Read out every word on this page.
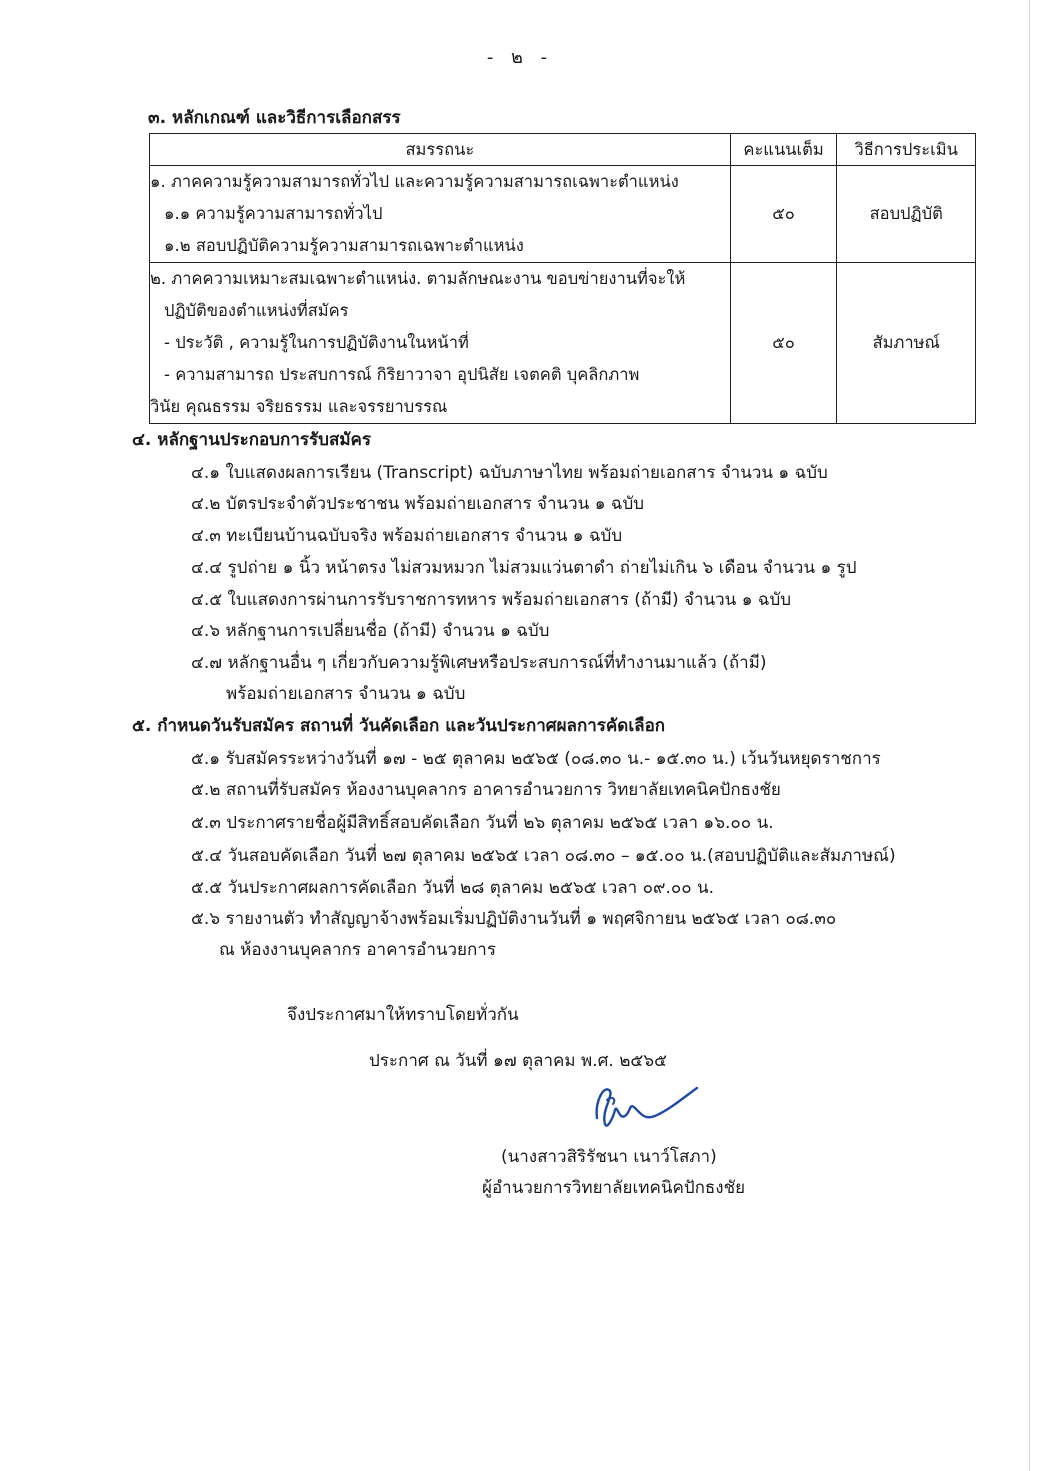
- ๒ -
๓. หลักเกณฑ์ และวิธีการเลือกสรร
สมรรถนะ	คะแนนเต็ม	วิธีการประเมิน

๑. ภาคความรู้ความสามารถทั่วไป และความรู้ความสามารถเฉพาะตำแหน่ง
๑.๑ ความรู้ความสามารถทั่วไป
๑.๒ สอบปฏิบัติความรู้ความสามารถเฉพาะตำแหน่ง	๕๐	สอบปฏิบัติ

๒. ภาคความเหมาะสมเฉพาะตำแหน่ง. ตามลักษณะงาน ขอบข่ายงานที่จะให้
ปฏิบัติของตำแหน่งที่สมัคร
- ประวัติ , ความรู้ในการปฏิบัติงานในหน้าที่
- ความสามารถ ประสบการณ์ กิริยาวาจา อุปนิสัย เจตคติ บุคลิกภาพ
วินัย คุณธรรม จริยธรรม และจรรยาบรรณ	๕๐	สัมภาษณ์
๔. หลักฐานประกอบการรับสมัคร
๔.๑ ใบแสดงผลการเรียน (Transcript) ฉบับภาษาไทย พร้อมถ่ายเอกสาร จำนวน ๑ ฉบับ
๔.๒ บัตรประจำตัวประชาชน พร้อมถ่ายเอกสาร จำนวน ๑ ฉบับ
๔.๓ ทะเบียนบ้านฉบับจริง พร้อมถ่ายเอกสาร จำนวน ๑ ฉบับ
๔.๔ รูปถ่าย ๑ นิ้ว หน้าตรง ไม่สวมหมวก ไม่สวมแว่นตาดำ ถ่ายไม่เกิน ๖ เดือน จำนวน ๑ รูป
๔.๕ ใบแสดงการผ่านการรับราชการทหาร พร้อมถ่ายเอกสาร (ถ้ามี) จำนวน ๑ ฉบับ
๔.๖ หลักฐานการเปลี่ยนชื่อ (ถ้ามี) จำนวน ๑ ฉบับ
๔.๗ หลักฐานอื่น ๆ เกี่ยวกับความรู้พิเศษหรือประสบการณ์ที่ทำงานมาแล้ว (ถ้ามี)
พร้อมถ่ายเอกสาร จำนวน ๑ ฉบับ
๕. กำหนดวันรับสมัคร สถานที่ วันคัดเลือก และวันประกาศผลการคัดเลือก
๕.๑ รับสมัครระหว่างวันที่ ๑๗ - ๒๕ ตุลาคม ๒๕๖๕ (๐๘.๓๐ น.- ๑๕.๓๐ น.) เว้นวันหยุดราชการ
๕.๒ สถานที่รับสมัคร ห้องงานบุคลากร อาคารอำนวยการ วิทยาลัยเทคนิคปักธงชัย
๕.๓ ประกาศรายชื่อผู้มีสิทธิ์สอบคัดเลือก วันที่ ๒๖ ตุลาคม ๒๕๖๕ เวลา ๑๖.๐๐ น.
๕.๔ วันสอบคัดเลือก วันที่ ๒๗ ตุลาคม ๒๕๖๕ เวลา ๐๘.๓๐ – ๑๕.๐๐ น.(สอบปฏิบัติและสัมภาษณ์)
๕.๕ วันประกาศผลการคัดเลือก วันที่ ๒๘ ตุลาคม ๒๕๖๕ เวลา ๐๙.๐๐ น.
๕.๖ รายงานตัว ทำสัญญาจ้างพร้อมเริ่มปฏิบัติงานวันที่ ๑ พฤศจิกายน ๒๕๖๕ เวลา ๐๘.๓๐
ณ ห้องงานบุคลากร อาคารอำนวยการ
จึงประกาศมาให้ทราบโดยทั่วกัน
ประกาศ ณ วันที่ ๑๗ ตุลาคม พ.ศ. ๒๕๖๕
(นางสาวสิริรัชนา เนาว์โสภา)
ผู้อำนวยการวิทยาลัยเทคนิคปักธงชัย
